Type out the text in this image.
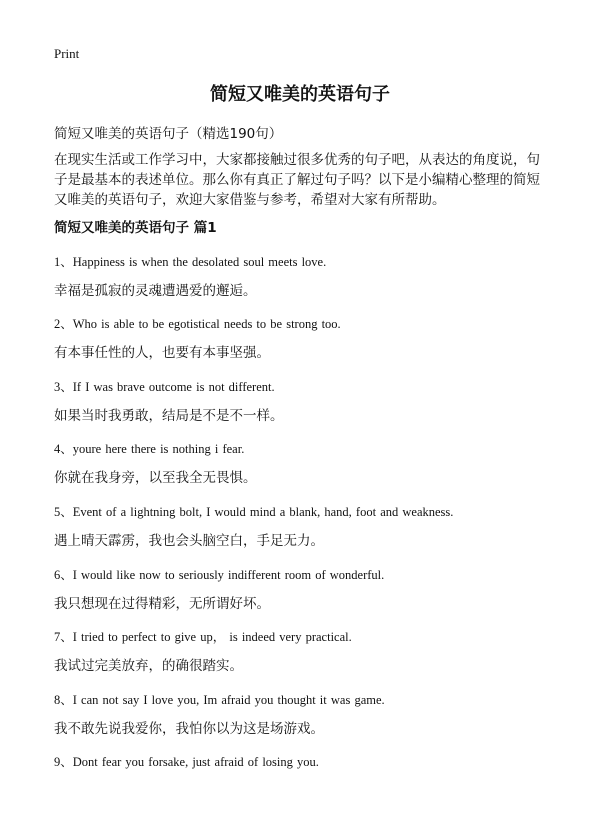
Print
简短又唯美的英语句子

简短又唯美的英语句子（精选190句）

在现实生活或工作学习中，大家都接触过很多优秀的句子吧，从表达的角度说，句子是最基本的表述单位。那么你有真正了解过句子吗？以下是小编精心整理的简短又唯美的英语句子，欢迎大家借鉴与参考，希望对大家有所帮助。

简短又唯美的英语句子 篇1

1、Happiness is when the desolated soul meets love.

幸福是孤寂的灵魂遭遇爱的邂逅。

2、Who is able to be egotistical needs to be strong too.

有本事任性的人，也要有本事坚强。

3、If I was brave outcome is not different.

如果当时我勇敢，结局是不是不一样。

4、youre here there is nothing i fear.

你就在我身旁，以至我全无畏惧。

5、Event of a lightning bolt, I would mind a blank, hand, foot and weakness.

遇上晴天霹雳，我也会头脑空白，手足无力。

6、I would like now to seriously indifferent room of wonderful.

我只想现在过得精彩，无所谓好坏。

7、I tried to perfect to give up， is indeed very practical.

我试过完美放弃，的确很踏实。

8、I can not say I love you, Im afraid you thought it was game.

我不敢先说我爱你，我怕你以为这是场游戏。

9、Dont fear you forsake, just afraid of losing you.
